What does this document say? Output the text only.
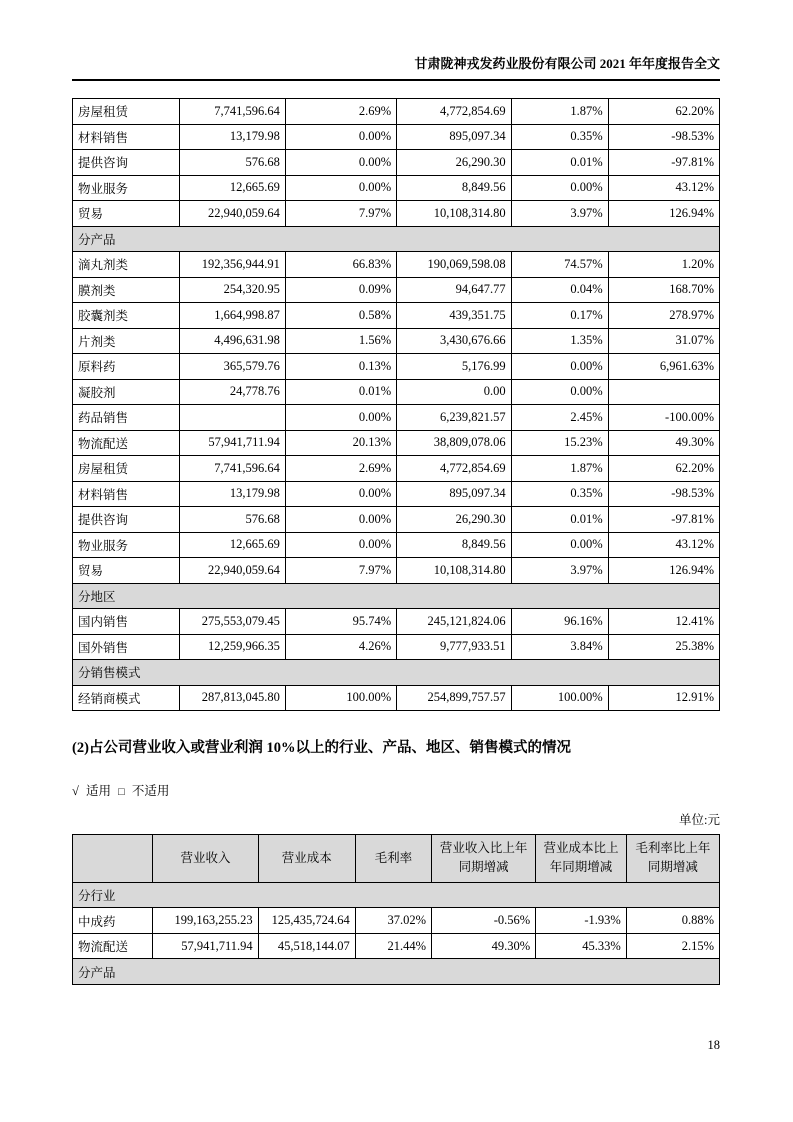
甘肃陇神戎发药业股份有限公司 2021 年年度报告全文
房屋租赁	7,741,596.64	2.69%	4,772,854.69	1.87%	62.20%
材料销售	13,179.98	0.00%	895,097.34	0.35%	-98.53%
提供咨询	576.68	0.00%	26,290.30	0.01%	-97.81%
物业服务	12,665.69	0.00%	8,849.56	0.00%	43.12%
贸易	22,940,059.64	7.97%	10,108,314.80	3.97%	126.94%
分产品					
滴丸剂类	192,356,944.91	66.83%	190,069,598.08	74.57%	1.20%
膜剂类	254,320.95	0.09%	94,647.77	0.04%	168.70%
胶囊剂类	1,664,998.87	0.58%	439,351.75	0.17%	278.97%
片剂类	4,496,631.98	1.56%	3,430,676.66	1.35%	31.07%
原料药	365,579.76	0.13%	5,176.99	0.00%	6,961.63%
凝胶剂	24,778.76	0.01%	0.00	0.00%	
药品销售		0.00%	6,239,821.57	2.45%	-100.00%
物流配送	57,941,711.94	20.13%	38,809,078.06	15.23%	49.30%
房屋租赁	7,741,596.64	2.69%	4,772,854.69	1.87%	62.20%
材料销售	13,179.98	0.00%	895,097.34	0.35%	-98.53%
提供咨询	576.68	0.00%	26,290.30	0.01%	-97.81%
物业服务	12,665.69	0.00%	8,849.56	0.00%	43.12%
贸易	22,940,059.64	7.97%	10,108,314.80	3.97%	126.94%
分地区					
国内销售	275,553,079.45	95.74%	245,121,824.06	96.16%	12.41%
国外销售	12,259,966.35	4.26%	9,777,933.51	3.84%	25.38%
分销售模式					
经销商模式	287,813,045.80	100.00%	254,899,757.57	100.00%	12.91%
(2)占公司营业收入或营业利润 10%以上的行业、产品、地区、销售模式的情况
√ 适用 □ 不适用
单位:元
	营业收入	营业成本	毛利率	营业收入比上年同期增减	营业成本比上年同期增减	毛利率比上年同期增减
分行业						
中成药	199,163,255.23	125,435,724.64	37.02%	-0.56%	-1.93%	0.88%
物流配送	57,941,711.94	45,518,144.07	21.44%	49.30%	45.33%	2.15%
分产品						
18
